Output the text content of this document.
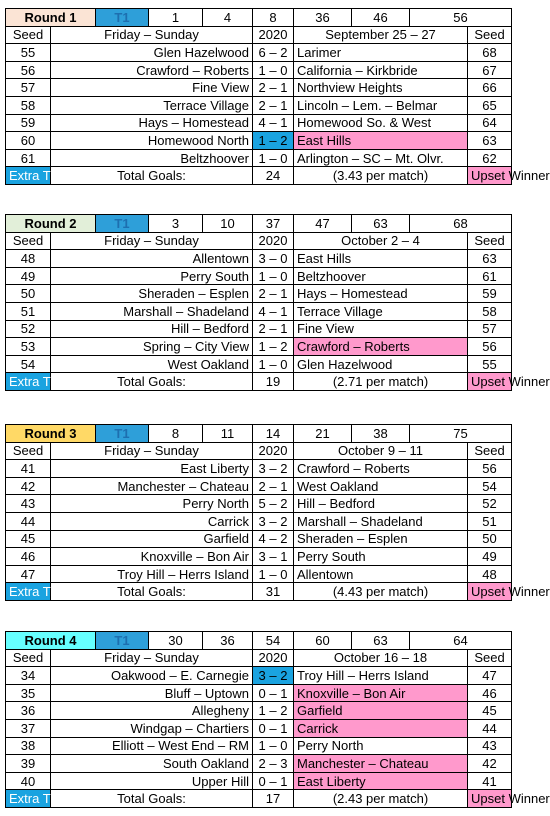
Round 1		T1	1	4	8	36	46	56	
Seed	Friday – Sunday				2020	September 25 – 27			Seed	
55	Glen Hazelwood				6 – 2	Larimer			68	
56	Crawford – Roberts				1 – 0	California – Kirkbride			67	
57	Fine View				2 – 1	Northview Heights			66	
58	Terrace Village				2 – 1	Lincoln – Lem. – Belmar			65	
59	Hays – Homestead				4 – 1	Homewood So. & West			64	
60	Homewood North				1 – 2	East Hills			63	
61	Beltzhoover				1 – 0	Arlington – SC – Mt. Olvr.			62	
Extra Time	Total Goals:				24	(3.43 per match)			Upset Winner	
Round 2		T1	3	10	37	47	63	68	
Seed	Friday – Sunday				2020	October 2 – 4			Seed	
48	Allentown				3 – 0	East Hills			63	
49	Perry South				1 – 0	Beltzhoover			61	
50	Sheraden – Esplen				2 – 1	Hays – Homestead			59	
51	Marshall – Shadeland				4 – 1	Terrace Village			58	
52	Hill – Bedford				2 – 1	Fine View			57	
53	Spring – City View				1 – 2	Crawford – Roberts			56	
54	West Oakland				1 – 0	Glen Hazelwood			55	
Extra Time	Total Goals:				19	(2.71 per match)			Upset Winner	
Round 3		T1	8	11	14	21	38	75	
Seed	Friday – Sunday				2020	October 9 – 11			Seed	
41	East Liberty				3 – 2	Crawford – Roberts			56	
42	Manchester – Chateau				2 – 1	West Oakland			54	
43	Perry North				5 – 2	Hill – Bedford			52	
44	Carrick				3 – 2	Marshall – Shadeland			51	
45	Garfield				4 – 2	Sheraden – Esplen			50	
46	Knoxville – Bon Air				3 – 1	Perry South			49	
47	Troy Hill – Herrs Island				1 – 0	Allentown			48	
Extra Time	Total Goals:				31	(4.43 per match)			Upset Winner	
Round 4		T1	30	36	54	60	63	64	
Seed	Friday – Sunday				2020	October 16 – 18			Seed	
34	Oakwood – E. Carnegie				3 – 2	Troy Hill – Herrs Island			47	
35	Bluff – Uptown				0 – 1	Knoxville – Bon Air			46	
36	Allegheny				1 – 2	Garfield			45	
37	Windgap – Chartiers				0 – 1	Carrick			44	
38	Elliott – West End – RM				1 – 0	Perry North			43	
39	South Oakland				2 – 3	Manchester – Chateau			42	
40	Upper Hill				0 – 1	East Liberty			41	
Extra Time	Total Goals:				17	(2.43 per match)			Upset Winner	
